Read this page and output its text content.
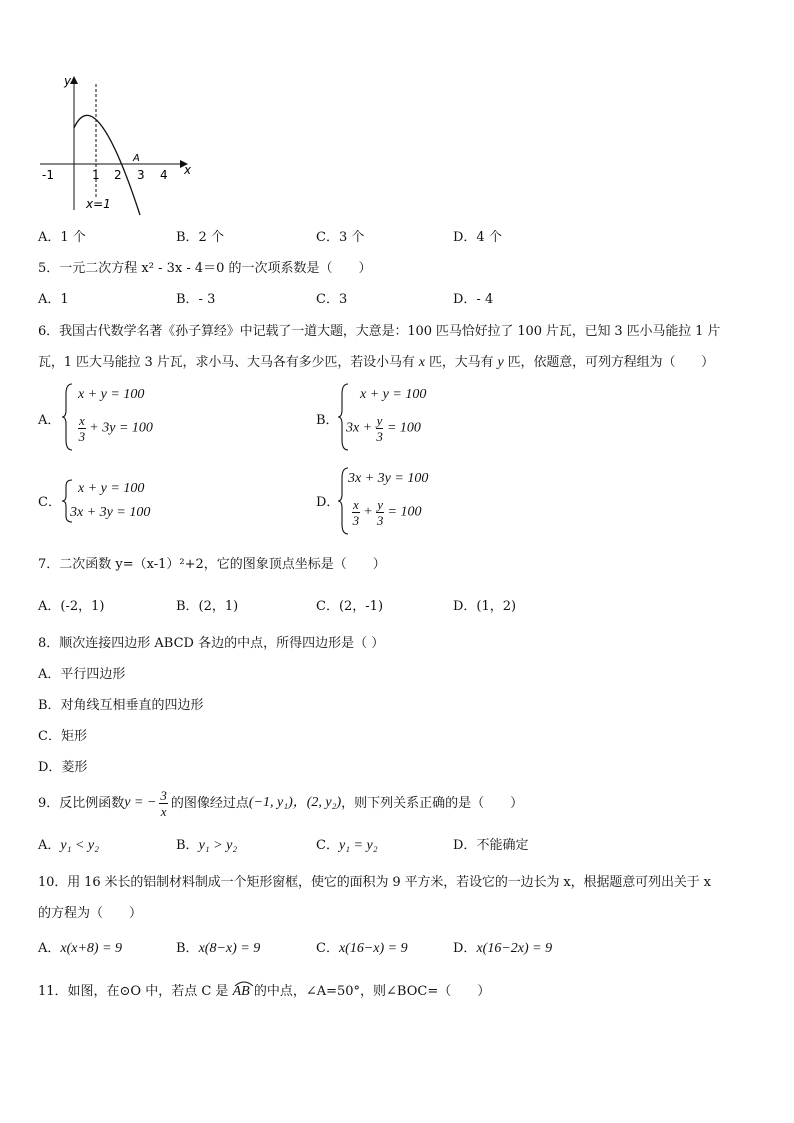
-1	1 2 3 4 x
y
A
x=1
A．1 个	B．2 个	C．3 个	D．4 个
5．一元二次方程 x² - 3x - 4＝0 的一次项系数是（　　）
A．1	B．- 3	C．3	D．- 4
6．我国古代数学名著《孙子算经》中记载了一道大题，大意是：100 匹马恰好拉了 100 片瓦，已知 3 匹小马能拉 1 片
瓦，1 匹大马能拉 3 片瓦，求小马、大马各有多少匹，若设小马有 x 匹，大马有 y 匹，依题意，可列方程组为（　　）
A．
x + y = 100
$\frac{x}{3} + 3y = 100$
B．
x + y = 100
$3x + \frac{y}{3} = 100$
C．
x + y = 100
3x + 3y = 100
D．
3x + 3y = 100
$\frac{x}{3} + \frac{y}{3} = 100$
7．二次函数 y=（x-1）²+2，它的图象顶点坐标是（　　）
A．(-2，1)	B．(2，1)	C．(2，-1)	D．(1，2)
8．顺次连接四边形 ABCD 各边的中点，所得四边形是（ ）
A．平行四边形
B．对角线互相垂直的四边形
C．矩形
D．菱形
9．反比例函数 y = − $\frac{3}{x}$ 的图像经过点 (−1, y₁)，(2, y₂) ，则下列关系正确的是（　　）
A．y₁ < y₂	B．y₁ > y₂	C．y₁ = y₂	D．不能确定
10．用 16 米长的铝制材料制成一个矩形窗框，使它的面积为 9 平方米，若设它的一边长为 x，根据题意可列出关于 x
的方程为（　　）
A．x(x+8) = 9	B．x(8−x) = 9	C．x(16−x) = 9	D．x(16−2x) = 9
11．如图，在⊙O 中，若点 C 是
AB 的中点，∠A=50°，则∠BOC=（　　）
